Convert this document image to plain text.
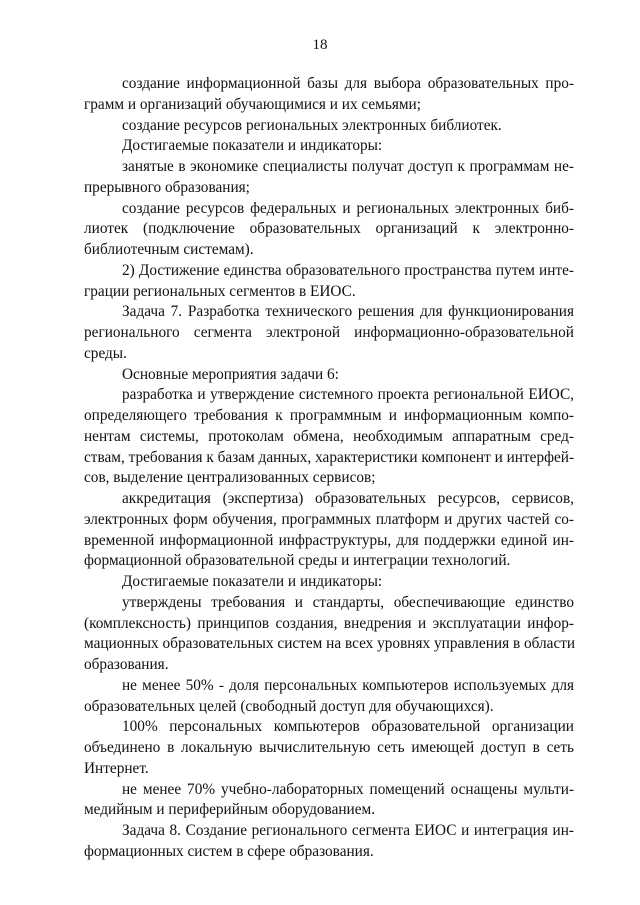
18
создание информационной базы для выбора образовательных про-
грамм и организаций обучающимися и их семьями;
создание ресурсов региональных электронных библиотек.
Достигаемые показатели и индикаторы:
занятые в экономике специалисты получат доступ к программам не-
прерывного образования;
создание ресурсов федеральных и региональных электронных биб-
лиотек (подключение образовательных организаций к электронно-
библиотечным системам).
2) Достижение единства образовательного пространства путем инте-
грации региональных сегментов в ЕИОС.
Задача 7. Разработка технического решения для функционирования
регионального сегмента электроной информационно-образовательной
среды.
Основные мероприятия задачи 6:
разработка и утверждение системного проекта региональной ЕИОС,
определяющего требования к программным и информационным компо-
нентам системы, протоколам обмена, необходимым аппаратным сред-
ствам, требования к базам данных, характеристики компонент и интерфей-
сов, выделение централизованных сервисов;
аккредитация (экспертиза) образовательных ресурсов, сервисов,
электронных форм обучения, программных платформ и других частей со-
временной информационной инфраструктуры, для поддержки единой ин-
формационной образовательной среды и интеграции технологий.
Достигаемые показатели и индикаторы:
утверждены требования и стандарты, обеспечивающие единство
(комплексность) принципов создания, внедрения и эксплуатации инфор-
мационных образовательных систем на всех уровнях управления в области
образования.
не менее 50% - доля персональных компьютеров используемых для
образовательных целей (свободный доступ для обучающихся).
100% персональных компьютеров образовательной организации
объединено в локальную вычислительную сеть имеющей доступ в сеть
Интернет.
не менее 70% учебно-лабораторных помещений оснащены мульти-
медийным и периферийным оборудованием.
Задача 8. Создание регионального сегмента ЕИОС и интеграция ин-
формационных систем в сфере образования.
